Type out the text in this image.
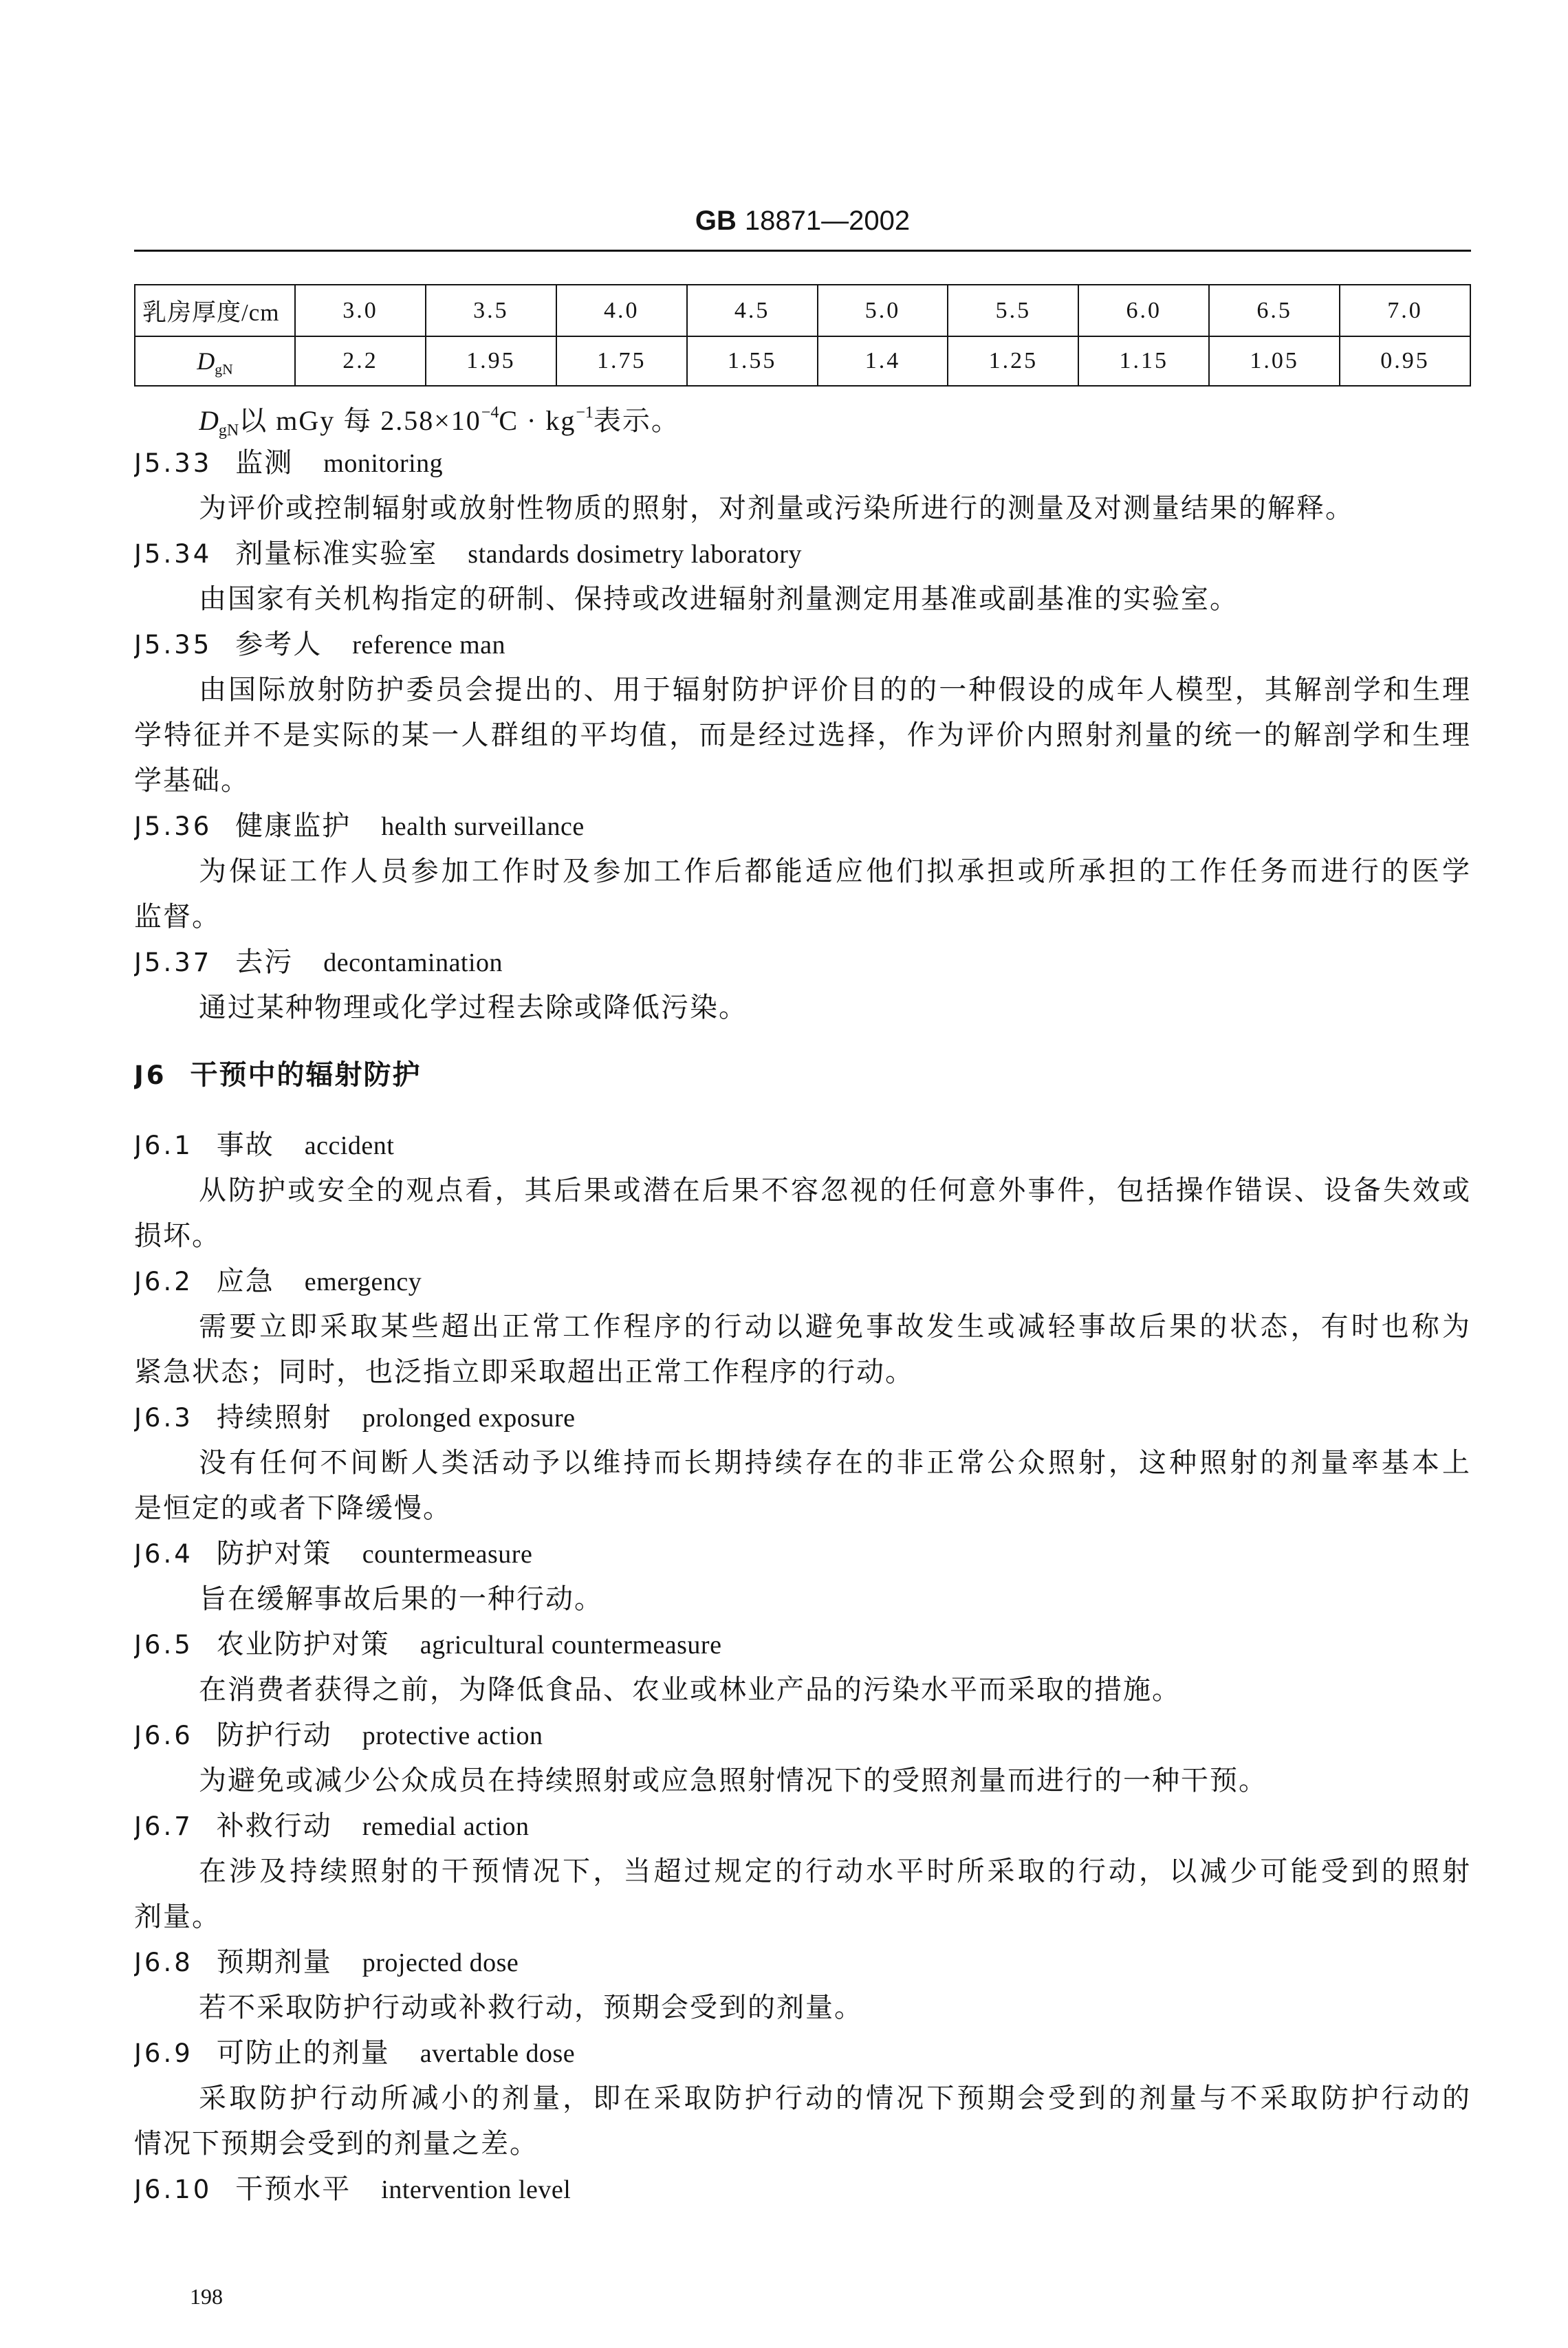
GB 18871—2002
乳房厚度/cm	3.0	3.5	4.0	4.5	5.0	5.5	6.0	6.5	7.0
$D_{gN}$	2.2	1.95	1.75	1.55	1.4	1.25	1.15	1.05	0.95
$D_{gN}$以 mGy 每 $2.58\times 10^{-4}C \cdot kg^{-1}$表示。
J5.33 监测 monitoring
为评价或控制辐射或放射性物质的照射，对剂量或污染所进行的测量及对测量结果的解释。
J5.34 剂量标准实验室 standards dosimetry laboratory
由国家有关机构指定的研制、保持或改进辐射剂量测定用基准或副基准的实验室。
J5.35 参考人 reference man
由国际放射防护委员会提出的、用于辐射防护评价目的的一种假设的成年人模型，其解剖学和生理
学特征并不是实际的某一人群组的平均值，而是经过选择，作为评价内照射剂量的统一的解剖学和生理
学基础。
J5.36 健康监护 health surveillance
为保证工作人员参加工作时及参加工作后都能适应他们拟承担或所承担的工作任务而进行的医学
监督。
J5.37 去污 decontamination
通过某种物理或化学过程去除或降低污染。
J6 干预中的辐射防护
J6.1 事故 accident
从防护或安全的观点看，其后果或潜在后果不容忽视的任何意外事件，包括操作错误、设备失效或
损坏。
J6.2 应急 emergency
需要立即采取某些超出正常工作程序的行动以避免事故发生或减轻事故后果的状态，有时也称为
紧急状态；同时，也泛指立即采取超出正常工作程序的行动。
J6.3 持续照射 prolonged exposure
没有任何不间断人类活动予以维持而长期持续存在的非正常公众照射，这种照射的剂量率基本上
是恒定的或者下降缓慢。
J6.4 防护对策 countermeasure
旨在缓解事故后果的一种行动。
J6.5 农业防护对策 agricultural countermeasure
在消费者获得之前，为降低食品、农业或林业产品的污染水平而采取的措施。
J6.6 防护行动 protective action
为避免或减少公众成员在持续照射或应急照射情况下的受照剂量而进行的一种干预。
J6.7 补救行动 remedial action
在涉及持续照射的干预情况下，当超过规定的行动水平时所采取的行动，以减少可能受到的照射
剂量。
J6.8 预期剂量 projected dose
若不采取防护行动或补救行动，预期会受到的剂量。
J6.9 可防止的剂量 avertable dose
采取防护行动所减小的剂量，即在采取防护行动的情况下预期会受到的剂量与不采取防护行动的
情况下预期会受到的剂量之差。
J6.10 干预水平 intervention level
198
